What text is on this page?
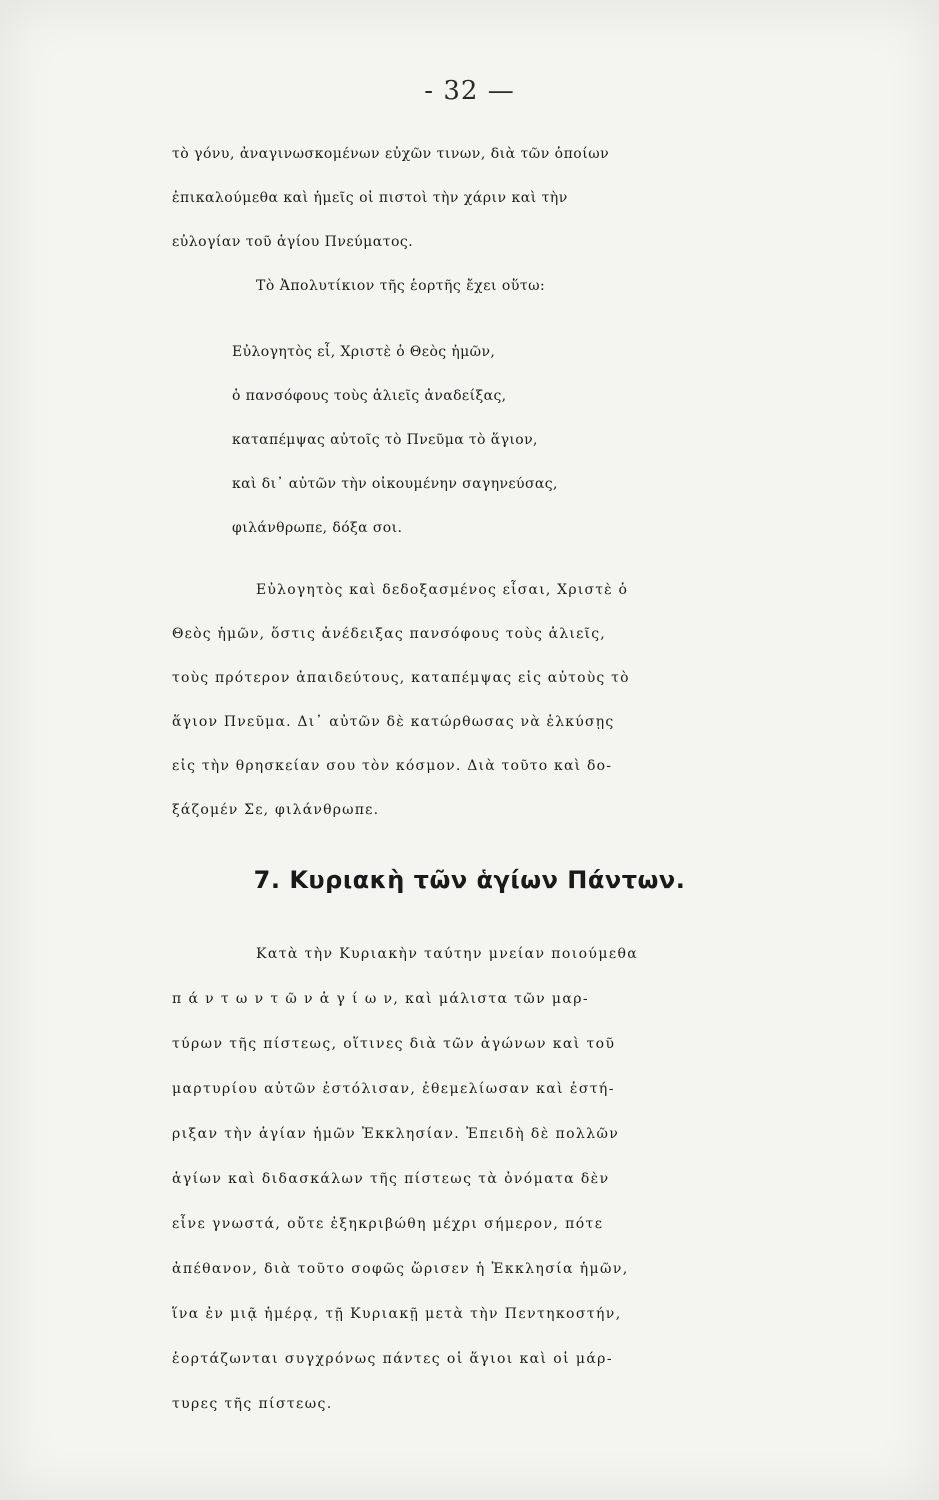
- 32 —
τὸ γόνυ, ἀναγινωσκομένων εὐχῶν τινων, διὰ τῶν ὁποίων
ἐπικαλούμεθα καὶ ἡμεῖς οἱ πιστοὶ τὴν χάριν καὶ τὴν
εὐλογίαν τοῦ ἁγίου Πνεύματος.
Τὸ Ἀπολυτίκιον τῆς ἑορτῆς ἔχει οὕτω:
Εὐλογητὸς εἶ, Χριστὲ ὁ Θεὸς ἡμῶν,
ὁ πανσόφους τοὺς ἁλιεῖς ἀναδείξας,
καταπέμψας αὐτοῖς τὸ Πνεῦμα τὸ ἅγιον,
καὶ δι᾽ αὐτῶν τὴν οἰκουμένην σαγηνεύσας,
φιλάνθρωπε, δόξα σοι.
Εὐλογητὸς καὶ δεδοξασμένος εἶσαι, Χριστὲ ὁ
Θεὸς ἡμῶν, ὅστις ἀνέδειξας πανσόφους τοὺς ἁλιεῖς,
τοὺς πρότερον ἀπαιδεύτους, καταπέμψας εἰς αὐτοὺς τὸ
ἅγιον Πνεῦμα. Δι᾽ αὐτῶν δὲ κατώρθωσας νὰ ἑλκύσῃς
εἰς τὴν θρησκείαν σου τὸν κόσμον. Διὰ τοῦτο καὶ δο-
ξάζομέν Σε, φιλάνθρωπε.
7. Κυριακὴ τῶν ἁγίων Πάντων.
Κατὰ τὴν Κυριακὴν ταύτην μνείαν ποιούμεθα
π ά ν τ ω ν τ ῶ ν ἁ γ ί ω ν, καὶ μάλιστα τῶν μαρ-
τύρων τῆς πίστεως, οἵτινες διὰ τῶν ἀγώνων καὶ τοῦ
μαρτυρίου αὐτῶν ἐστόλισαν, ἐθεμελίωσαν καὶ ἐστή-
ριξαν τὴν ἁγίαν ἡμῶν Ἐκκλησίαν. Ἐπειδὴ δὲ πολλῶν
ἁγίων καὶ διδασκάλων τῆς πίστεως τὰ ὀνόματα δὲν
εἶνε γνωστά, οὔτε ἐξηκριβώθη μέχρι σήμερον, πότε
ἀπέθανον, διὰ τοῦτο σοφῶς ὥρισεν ἡ Ἐκκλησία ἡμῶν,
ἵνα ἐν μιᾷ ἡμέρᾳ, τῇ Κυριακῇ μετὰ τὴν Πεντηκοστήν,
ἑορτάζωνται συγχρόνως πάντες οἱ ἅγιοι καὶ οἱ μάρ-
τυρες τῆς πίστεως.
